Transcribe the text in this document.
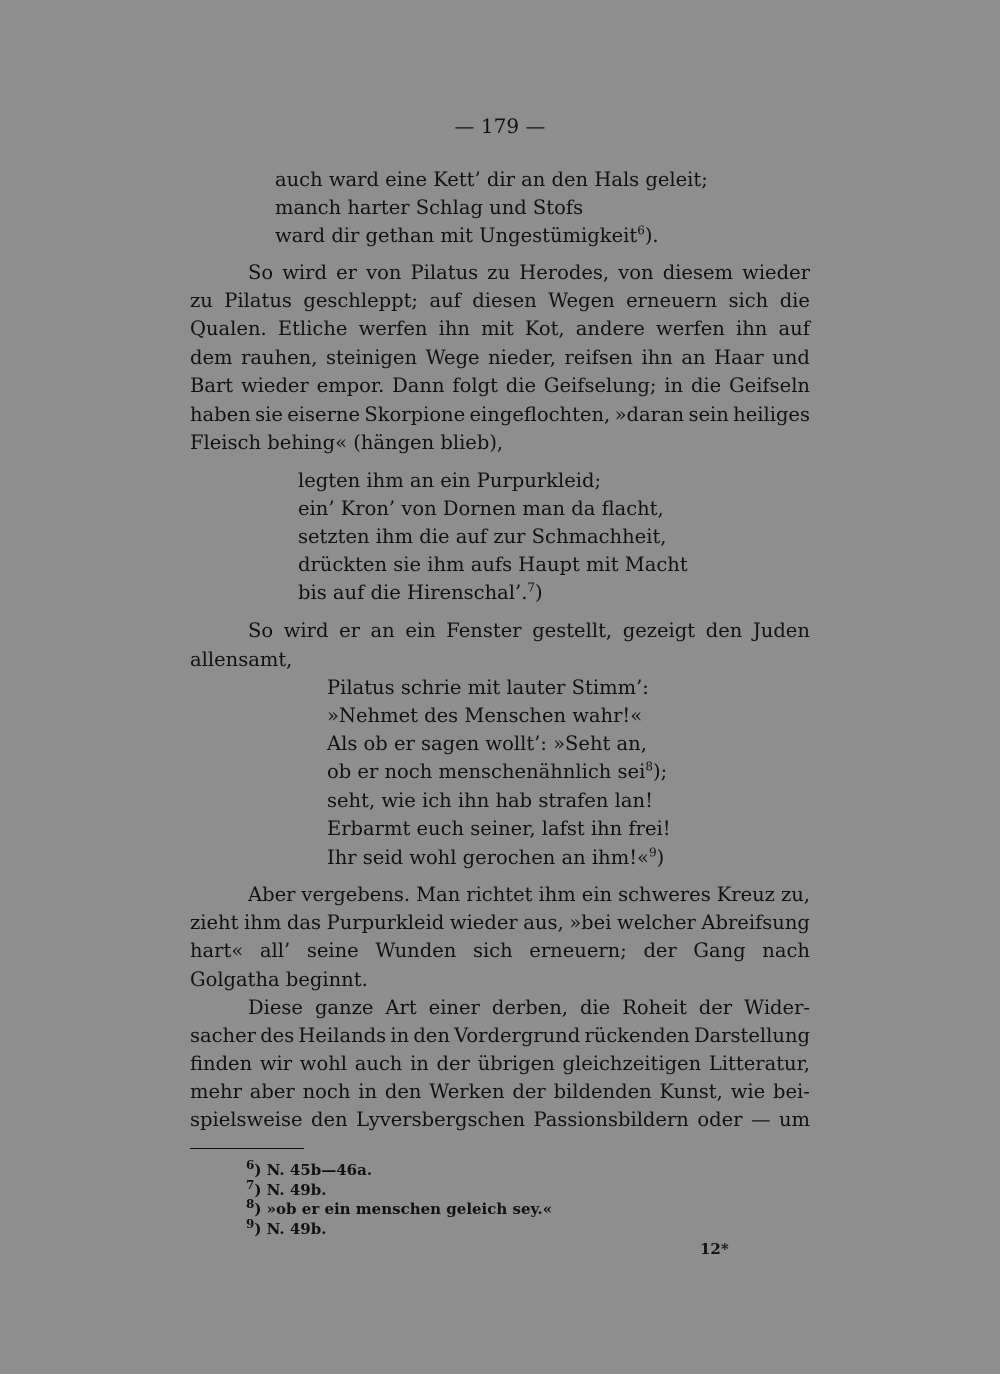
— 179 —
auch ward eine Kett’ dir an den Hals geleit;
manch harter Schlag und Stofs
ward dir gethan mit Ungestümigkeit$^6$).
So wird er von Pilatus zu Herodes, von diesem wieder
zu Pilatus geschleppt; auf diesen Wegen erneuern sich die
Qualen. Etliche werfen ihn mit Kot, andere werfen ihn auf
dem rauhen, steinigen Wege nieder, reifsen ihn an Haar und
Bart wieder empor. Dann folgt die Geifselung; in die Geifseln
haben sie eiserne Skorpione eingeflochten, »daran sein heiliges
Fleisch behing« (hängen blieb),
legten ihm an ein Purpurkleid;
ein’ Kron’ von Dornen man da flacht,
setzten ihm die auf zur Schmachheit,
drückten sie ihm aufs Haupt mit Macht
bis auf die Hirenschal’.$^7$)
So wird er an ein Fenster gestellt, gezeigt den Juden
allensamt,
Pilatus schrie mit lauter Stimm’:
»Nehmet des Menschen wahr!«
Als ob er sagen wollt’: »Seht an,
ob er noch menschenähnlich sei$^8$);
seht, wie ich ihn hab strafen lan!
Erbarmt euch seiner, lafst ihn frei!
Ihr seid wohl gerochen an ihm!«$^9$)
Aber vergebens. Man richtet ihm ein schweres Kreuz zu,
zieht ihm das Purpurkleid wieder aus, »bei welcher Abreifsung
hart« all’ seine Wunden sich erneuern; der Gang nach
Golgatha beginnt.
Diese ganze Art einer derben, die Roheit der Wider-
sacher des Heilands in den Vordergrund rückenden Darstellung
finden wir wohl auch in der übrigen gleichzeitigen Litteratur,
mehr aber noch in den Werken der bildenden Kunst, wie bei-
spielsweise den Lyversbergschen Passionsbildern oder — um
$^6$) N. 45b—46a.
$^7$) N. 49b.
$^8$) »ob er ein menschen geleich sey.«
$^9$) N. 49b.
12*
